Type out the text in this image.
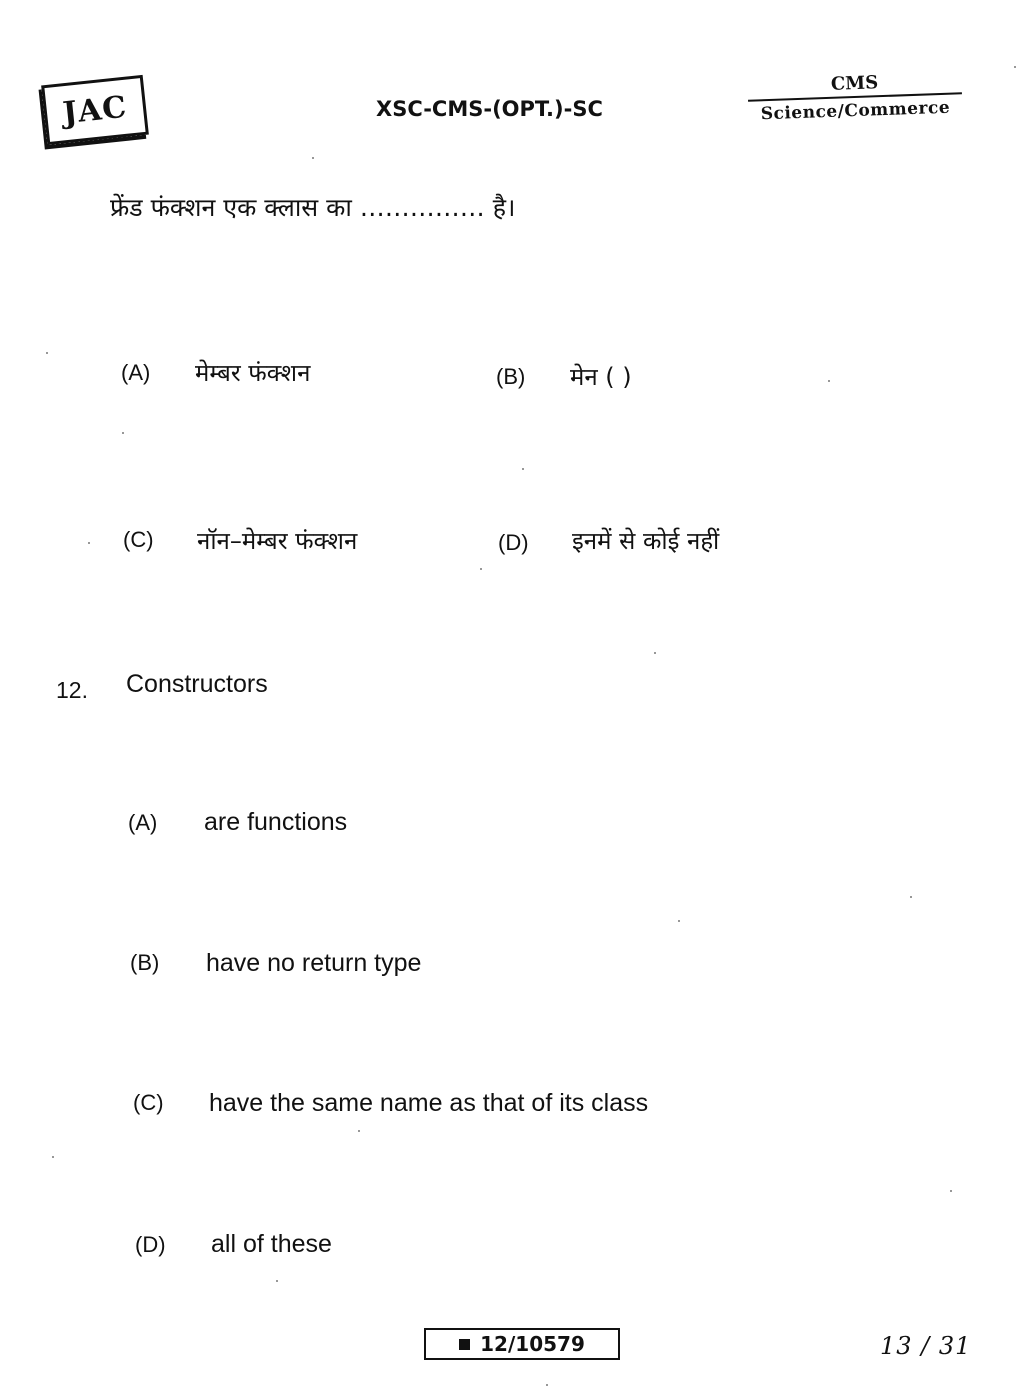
JAC	XSC-CMS-(OPT.)-SC
CMS
Science/Commerce
फ्रेंड फंक्शन एक क्लास का …………… है।
(A) मेम्बर फंक्शन	(B) मेन ( )
(C) नॉन–मेम्बर फंक्शन	(D) इनमें से कोई नहीं
12. Constructors
(A) are functions
(B) have no return type
(C) have the same name as that of its class
(D) all of these
12/10579	13 / 31
